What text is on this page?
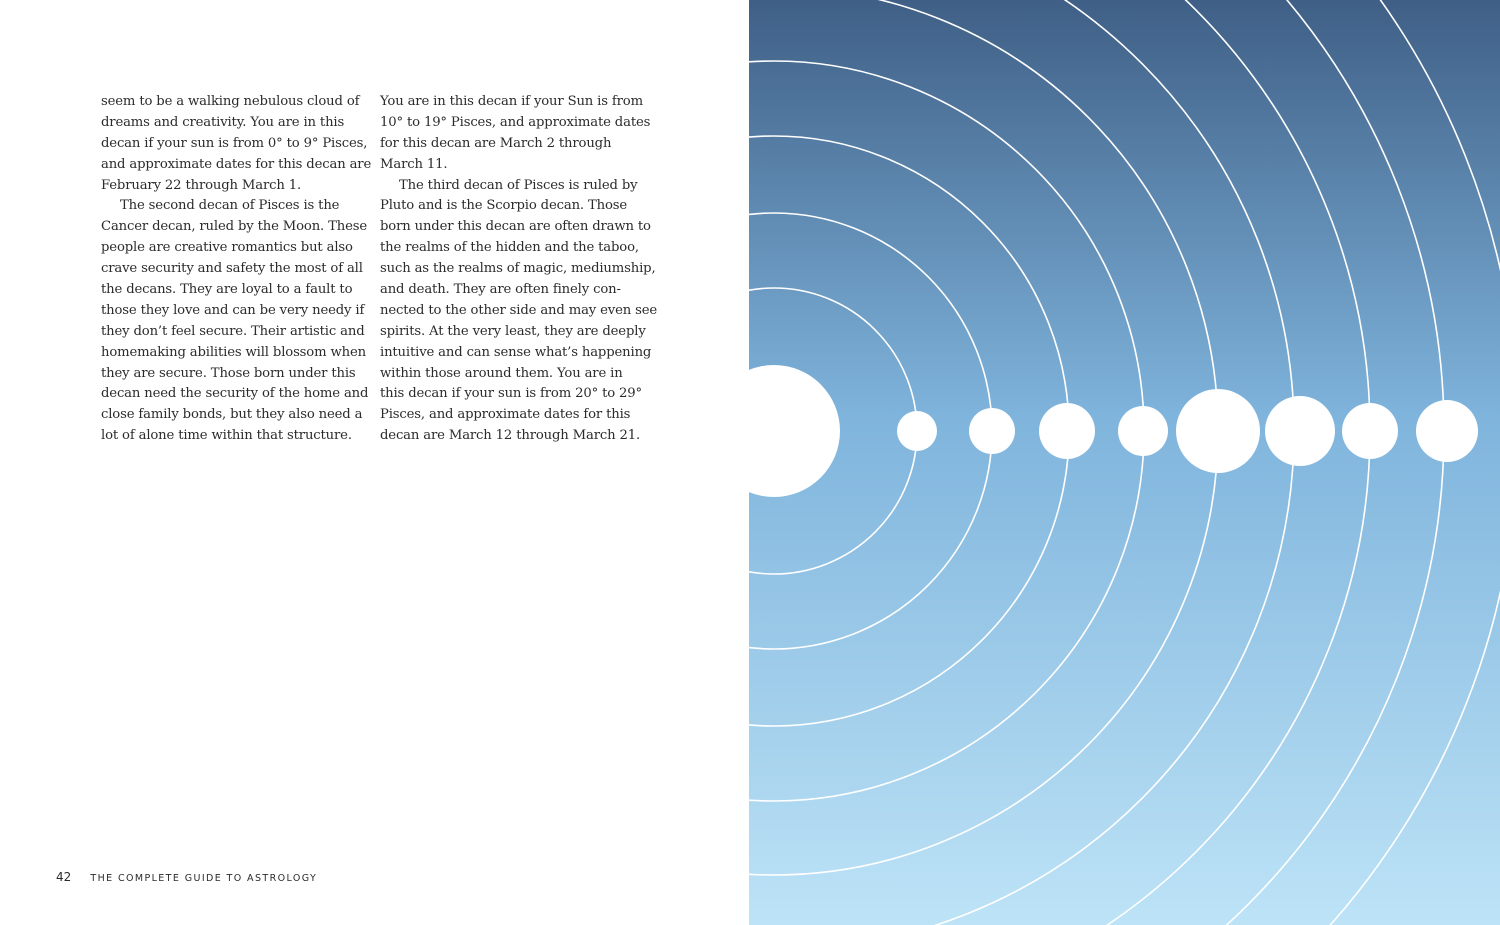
seem to be a walking nebulous cloud of
dreams and creativity. You are in this
decan if your sun is from 0° to 9° Pisces,
and approximate dates for this decan are
February 22 through March 1.
The second decan of Pisces is the
Cancer decan, ruled by the Moon. These
people are creative romantics but also
crave security and safety the most of all
the decans. They are loyal to a fault to
those they love and can be very needy if
they don’t feel secure. Their artistic and
homemaking abilities will blossom when
they are secure. Those born under this
decan need the security of the home and
close family bonds, but they also need a
lot of alone time within that structure.
You are in this decan if your Sun is from
10° to 19° Pisces, and approximate dates
for this decan are March 2 through
March 11.
The third decan of Pisces is ruled by
Pluto and is the Scorpio decan. Those
born under this decan are often drawn to
the realms of the hidden and the taboo,
such as the realms of magic, mediumship,
and death. They are often finely con-
nected to the other side and may even see
spirits. At the very least, they are deeply
intuitive and can sense what’s happening
within those around them. You are in
this decan if your sun is from 20° to 29°
Pisces, and approximate dates for this
decan are March 12 through March 21.
42 THE COMPLETE GUIDE TO ASTROLOGY
